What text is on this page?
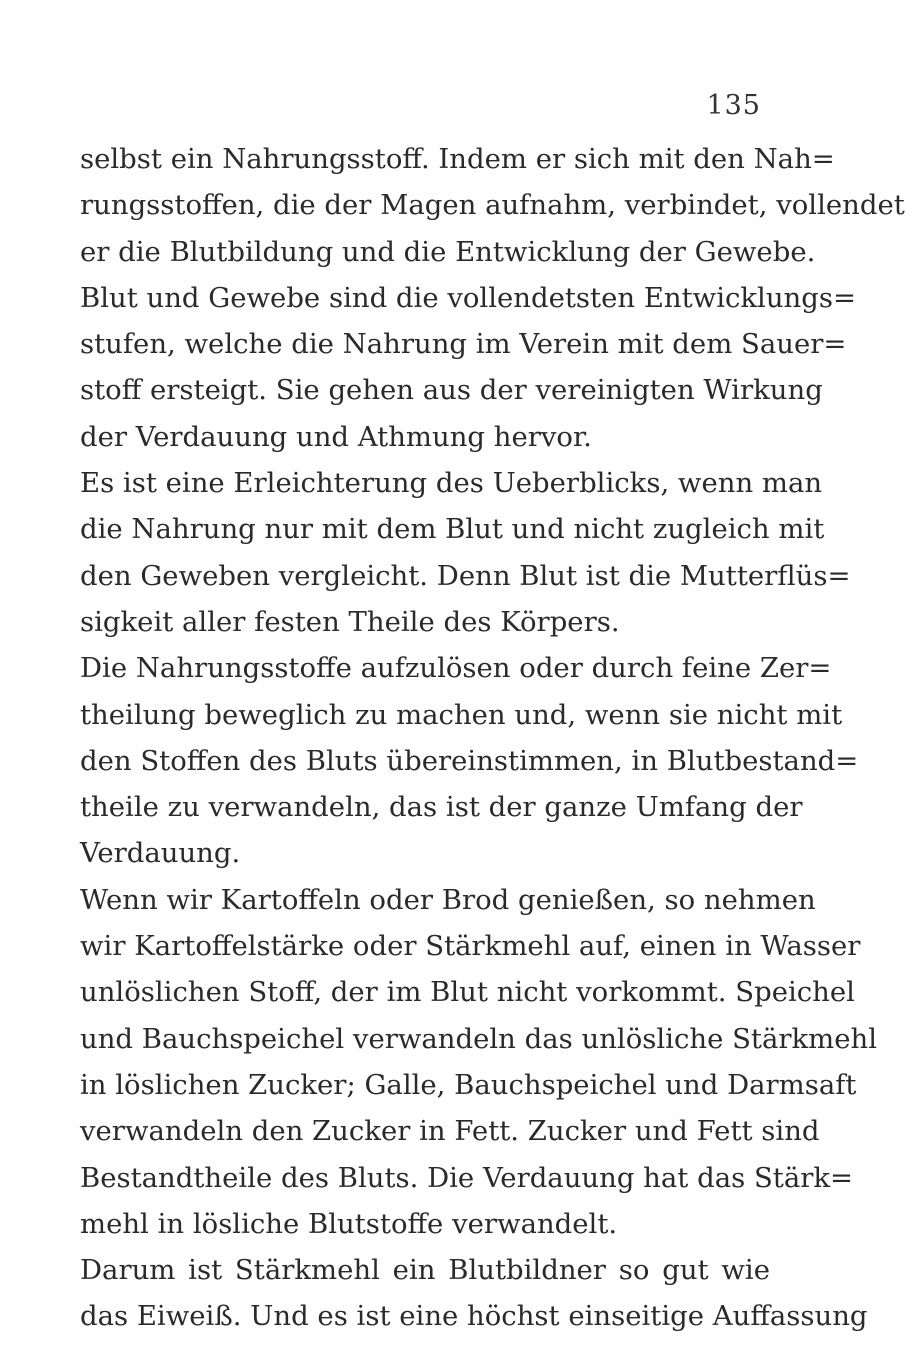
135
selbst ein Nahrungsstoff. Indem er sich mit den Nah=
rungsstoffen, die der Magen aufnahm, verbindet, vollendet
er die Blutbildung und die Entwicklung der Gewebe.
Blut und Gewebe sind die vollendetsten Entwicklungs=
stufen, welche die Nahrung im Verein mit dem Sauer=
stoff ersteigt. Sie gehen aus der vereinigten Wirkung
der Verdauung und Athmung hervor.
Es ist eine Erleichterung des Ueberblicks, wenn man
die Nahrung nur mit dem Blut und nicht zugleich mit
den Geweben vergleicht. Denn Blut ist die Mutterflüs=
sigkeit aller festen Theile des Körpers.
Die Nahrungsstoffe aufzulösen oder durch feine Zer=
theilung beweglich zu machen und, wenn sie nicht mit
den Stoffen des Bluts übereinstimmen, in Blutbestand=
theile zu verwandeln, das ist der ganze Umfang der
Verdauung.
Wenn wir Kartoffeln oder Brod genießen, so nehmen
wir Kartoffelstärke oder Stärkmehl auf, einen in Wasser
unlöslichen Stoff, der im Blut nicht vorkommt. Speichel
und Bauchspeichel verwandeln das unlösliche Stärkmehl
in löslichen Zucker; Galle, Bauchspeichel und Darmsaft
verwandeln den Zucker in Fett. Zucker und Fett sind
Bestandtheile des Bluts. Die Verdauung hat das Stärk=
mehl in lösliche Blutstoffe verwandelt.
Darum ist Stärkmehl ein Blutbildner so gut wie
das Eiweiß. Und es ist eine höchst einseitige Auffassung
